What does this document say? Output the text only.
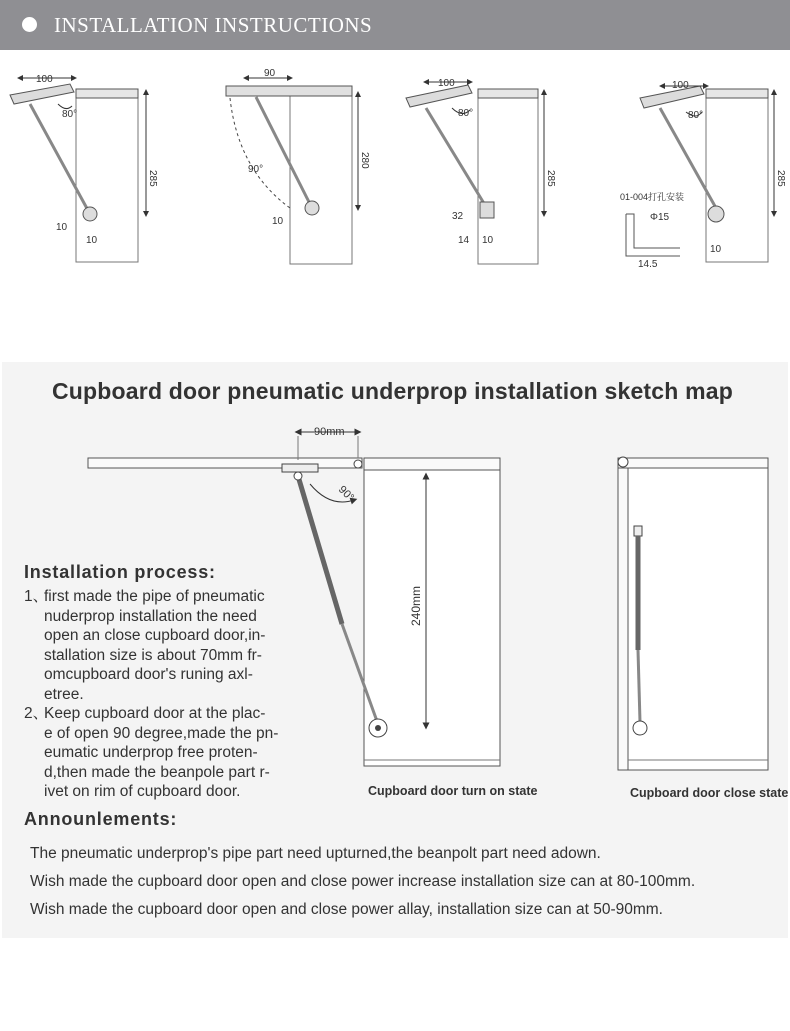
INSTALLATION INSTRUCTIONS
100
80°
285
10
10
90
90°
280
10
100
80°
285
32
14 10
100
80°
285
01-004打孔安装
Φ15
14.5
10
Cupboard door pneumatic underprop installation sketch map
90mm
90°
240mm
Cupboard door turn on state	Cupboard door close state
Installation process:
1、
first made the pipe of pneumatic
nuderprop installation the need
open an close cupboard door,in-
stallation size is about 70mm fr-
omcupboard door's runing axl-
etree.
2、
Keep cupboard door at the plac-
e of open 90 degree,made the pn-
eumatic underprop free proten-
d,then made the beanpole part r-
ivet on rim of cupboard door.
Announlements:
The pneumatic underprop's pipe part need upturned,the beanpolt part need adown.
Wish made the cupboard door open and close power increase installation size can at 80-100mm.
Wish made the cupboard door open and close power allay, installation size can at 50-90mm.
